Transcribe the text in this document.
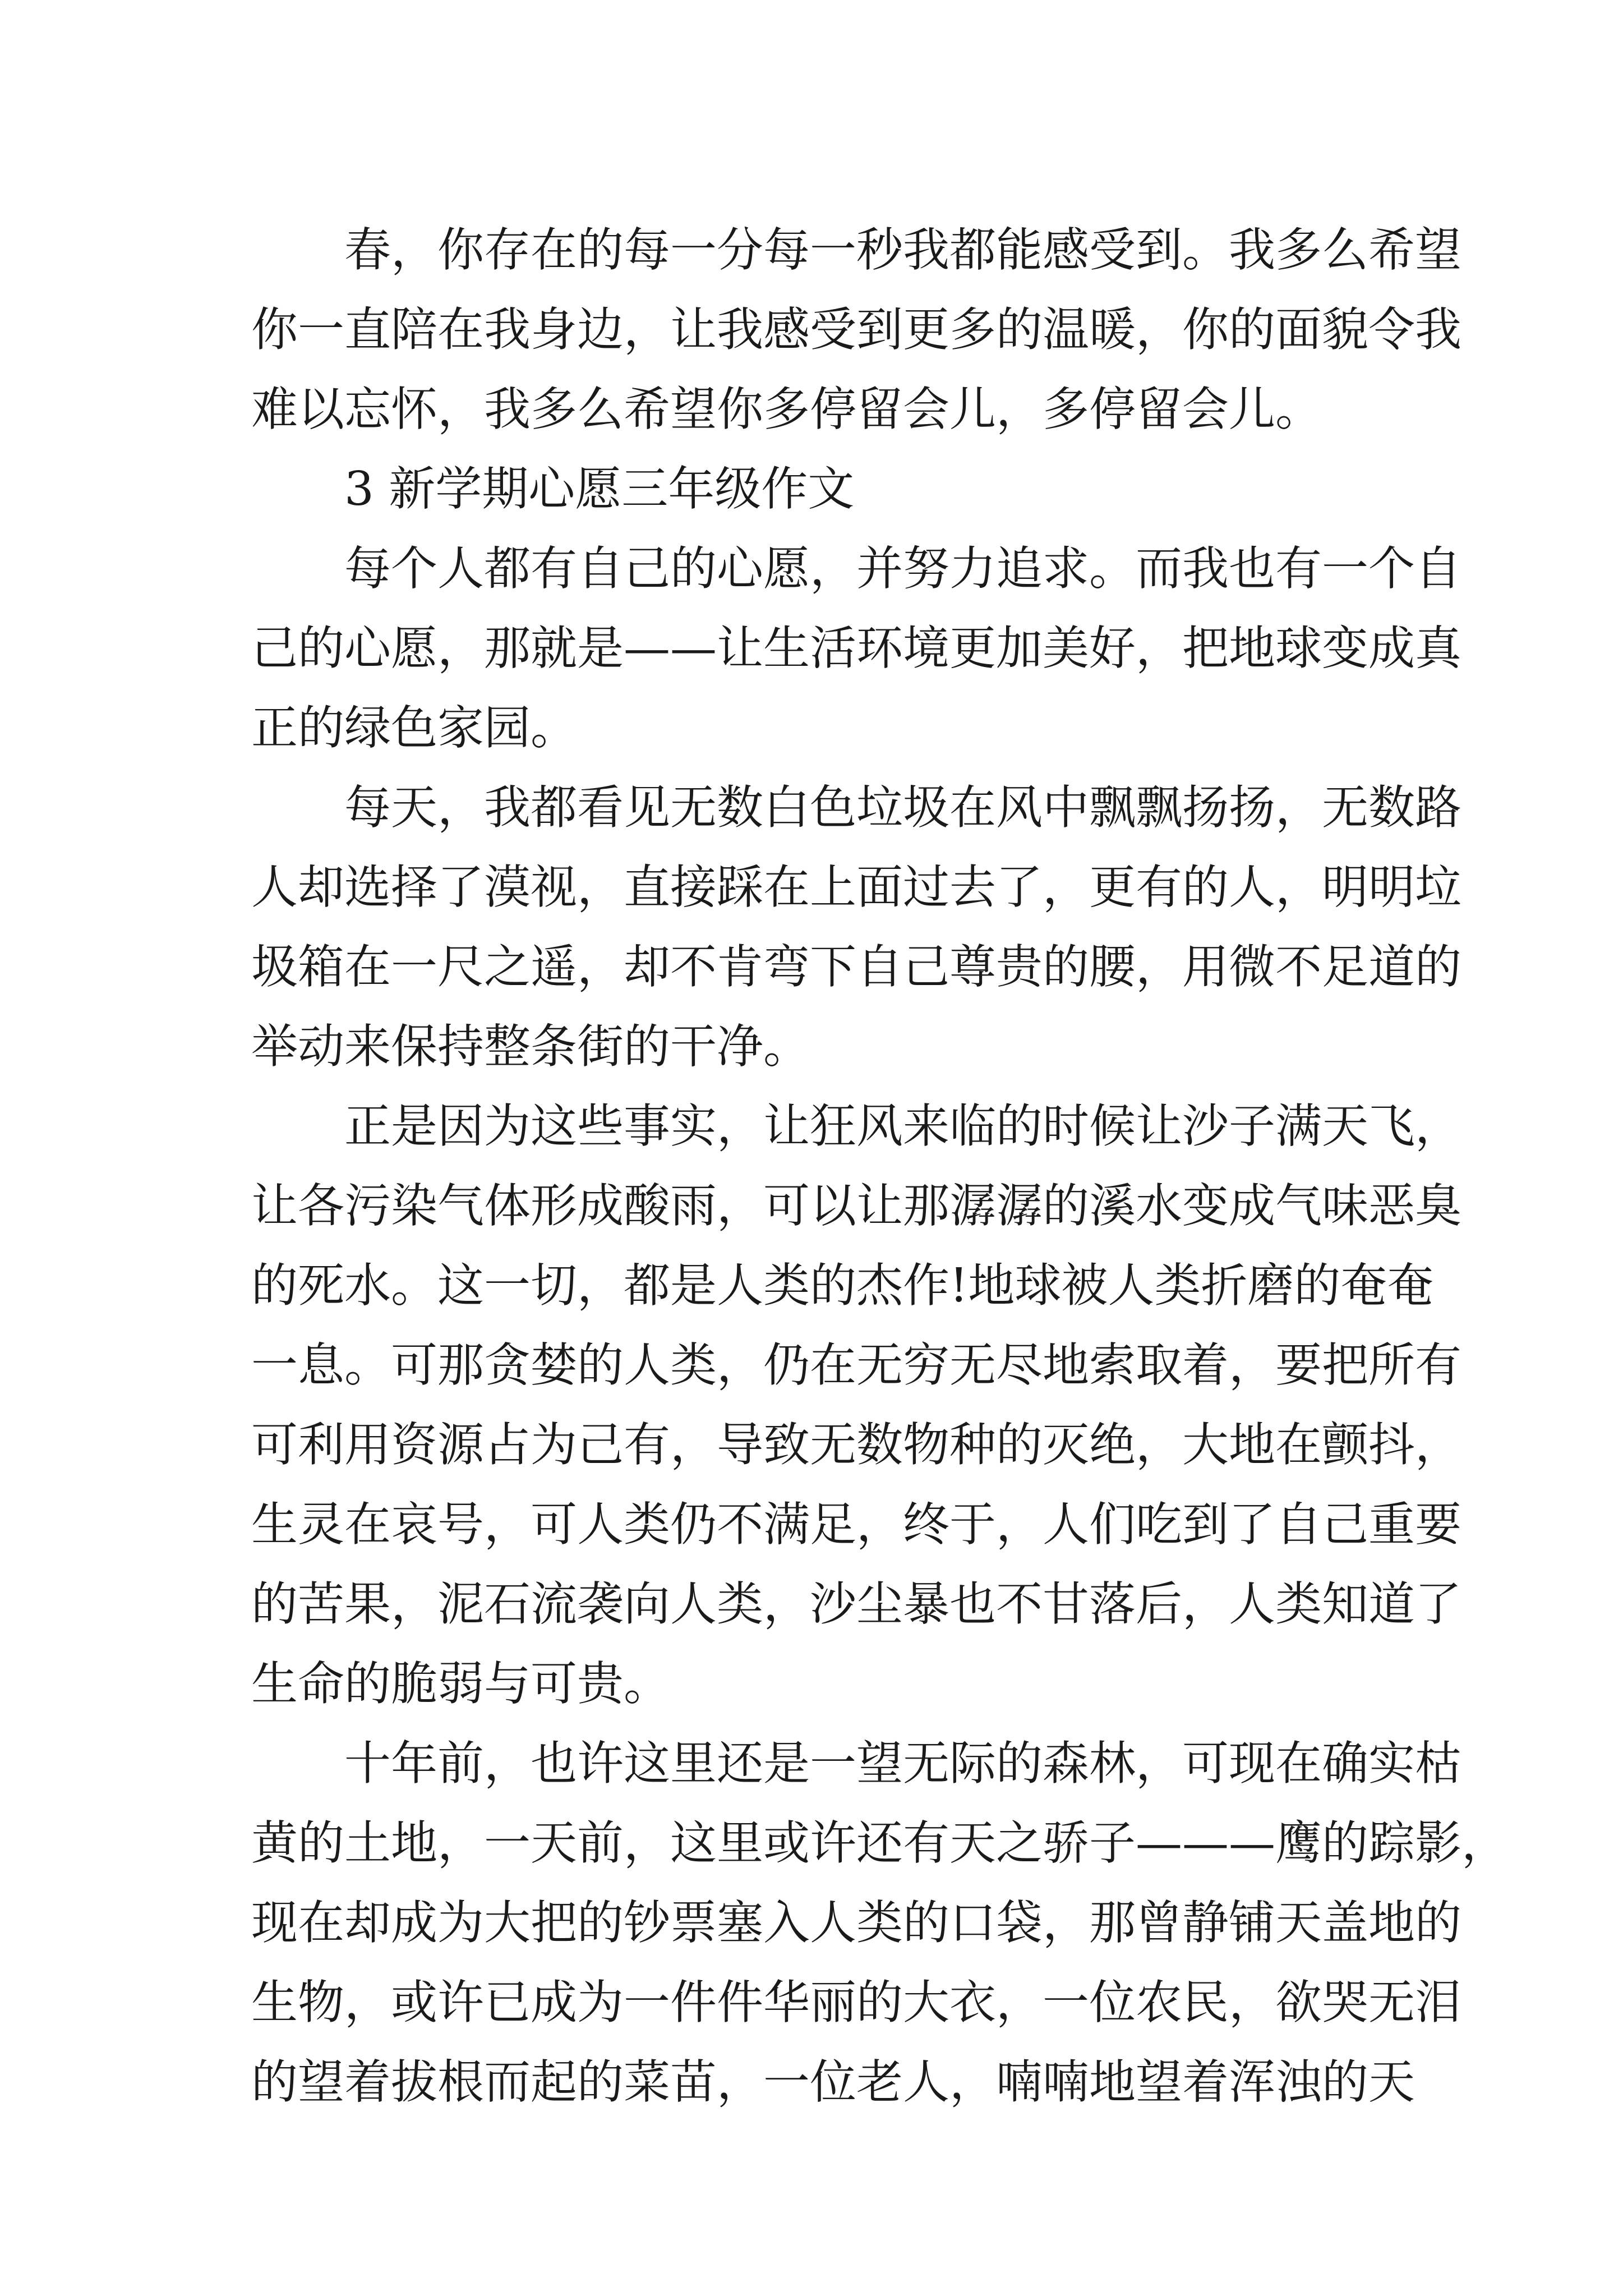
春，你存在的每一分每一秒我都能感受到。我多么希望
你一直陪在我身边，让我感受到更多的温暖，你的面貌令我
难以忘怀，我多么希望你多停留会儿，多停留会儿。
3 新学期心愿三年级作文
每个人都有自己的心愿，并努力追求。而我也有一个自
己的心愿，那就是——让生活环境更加美好，把地球变成真
正的绿色家园。
每天，我都看见无数白色垃圾在风中飘飘扬扬，无数路
人却选择了漠视，直接踩在上面过去了，更有的人，明明垃
圾箱在一尺之遥，却不肯弯下自己尊贵的腰，用微不足道的
举动来保持整条街的干净。
正是因为这些事实，让狂风来临的时候让沙子满天飞，
让各污染气体形成酸雨，可以让那潺潺的溪水变成气味恶臭
的死水。这一切，都是人类的杰作!地球被人类折磨的奄奄
一息。可那贪婪的人类，仍在无穷无尽地索取着，要把所有
可利用资源占为己有，导致无数物种的灭绝，大地在颤抖，
生灵在哀号，可人类仍不满足，终于，人们吃到了自己重要
的苦果，泥石流袭向人类，沙尘暴也不甘落后，人类知道了
生命的脆弱与可贵。
十年前，也许这里还是一望无际的森林，可现在确实枯
黄的土地，一天前，这里或许还有天之骄子———鹰的踪影，
现在却成为大把的钞票塞入人类的口袋，那曾静铺天盖地的
生物，或许已成为一件件华丽的大衣，一位农民，欲哭无泪
的望着拔根而起的菜苗，一位老人，喃喃地望着浑浊的天
